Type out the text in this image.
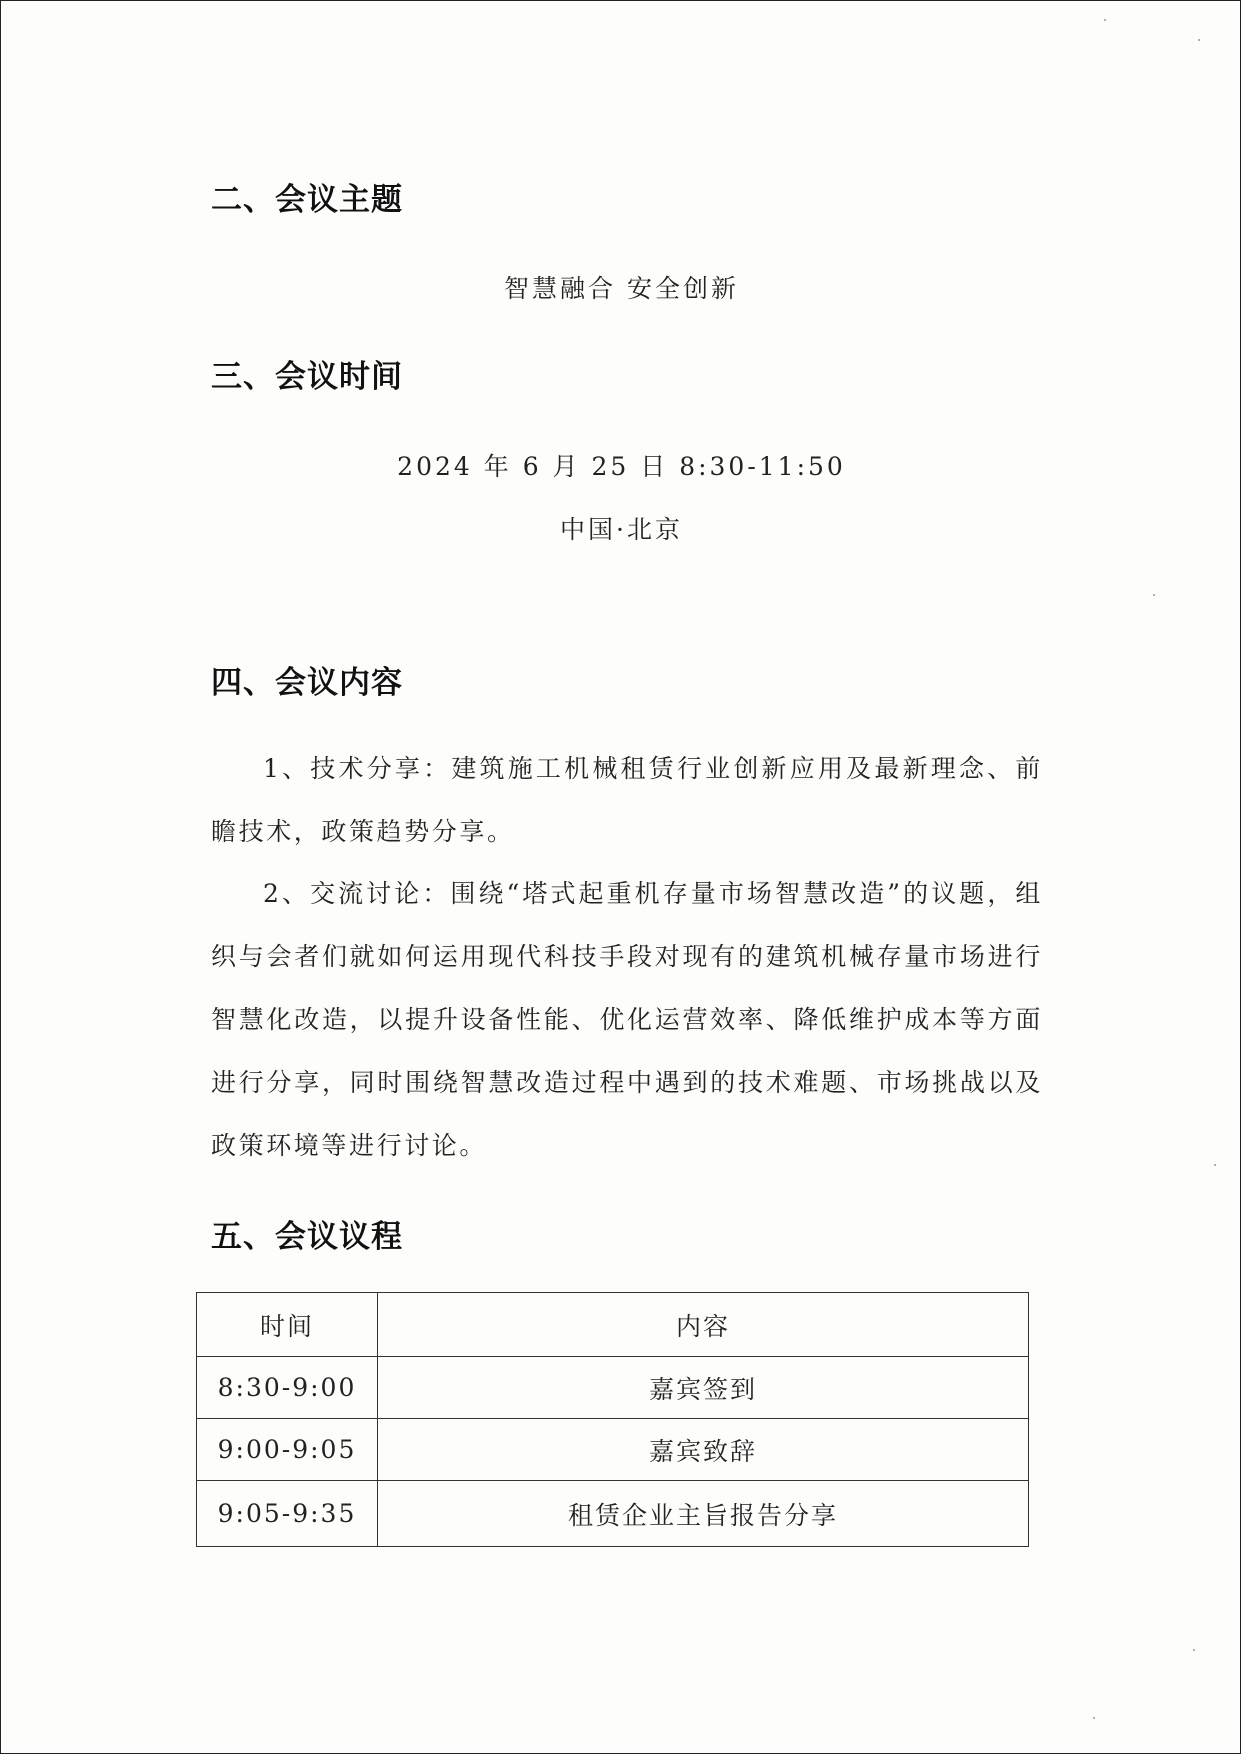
二、会议主题
智慧融合 安全创新
三、会议时间
2024 年 6 月 25 日 8:30-11:50
中国·北京
四、会议内容
1、技术分享：建筑施工机械租赁行业创新应用及最新理念、前瞻技术，政策趋势分享。
2、交流讨论：围绕“塔式起重机存量市场智慧改造”的议题，组织与会者们就如何运用现代科技手段对现有的建筑机械存量市场进行智慧化改造，以提升设备性能、优化运营效率、降低维护成本等方面进行分享，同时围绕智慧改造过程中遇到的技术难题、市场挑战以及政策环境等进行讨论。
五、会议议程
时间	内容
8:30-9:00	嘉宾签到
9:00-9:05	嘉宾致辞
9:05-9:35	租赁企业主旨报告分享
